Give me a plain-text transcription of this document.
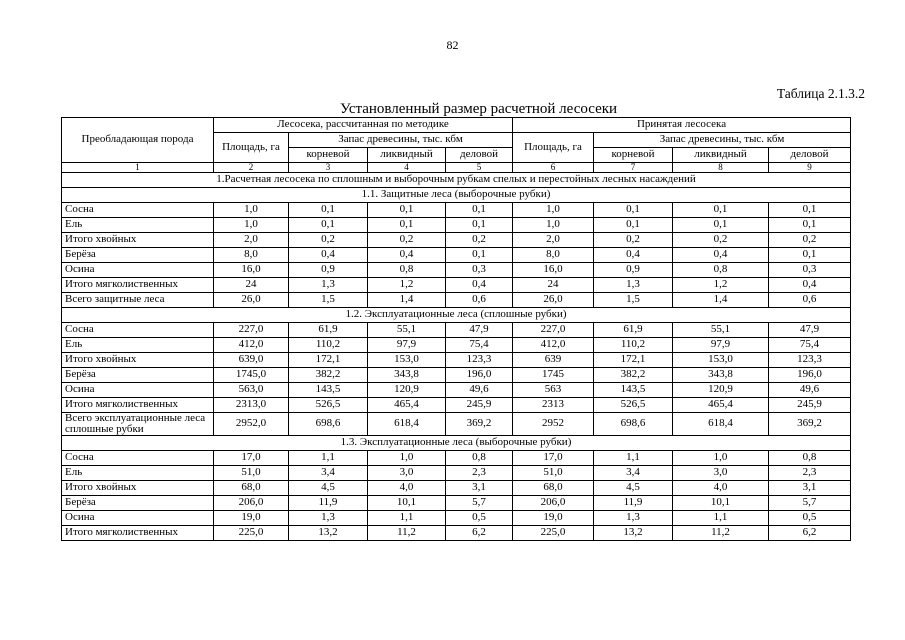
82
Таблица 2.1.3.2
Установленный размер расчетной лесосеки
Преобладающая порода	Лесосека, рассчитанная по методике				Принятая лесосека			
	Площадь, га	Запас древесины, тыс. кбм			Площадь, га	Запас древесины, тыс. кбм		
		корневой	ликвидный	деловой		корневой	ликвидный	деловой
1	2	3	4	5	6	7	8	9
1.Расчетная лесосека по сплошным и выборочным рубкам спелых и перестойных лесных насаждений								
1.1. Защитные леса (выборочные рубки)								
Сосна	1,0	0,1	0,1	0,1	1,0	0,1	0,1	0,1
Ель	1,0	0,1	0,1	0,1	1,0	0,1	0,1	0,1
Итого хвойных	2,0	0,2	0,2	0,2	2,0	0,2	0,2	0,2
Берёза	8,0	0,4	0,4	0,1	8,0	0,4	0,4	0,1
Осина	16,0	0,9	0,8	0,3	16,0	0,9	0,8	0,3
Итого мягколиственных	24	1,3	1,2	0,4	24	1,3	1,2	0,4
Всего защитные леса	26,0	1,5	1,4	0,6	26,0	1,5	1,4	0,6
1.2. Эксплуатационные леса (сплошные рубки)								
Сосна	227,0	61,9	55,1	47,9	227,0	61,9	55,1	47,9
Ель	412,0	110,2	97,9	75,4	412,0	110,2	97,9	75,4
Итого хвойных	639,0	172,1	153,0	123,3	639	172,1	153,0	123,3
Берёза	1745,0	382,2	343,8	196,0	1745	382,2	343,8	196,0
Осина	563,0	143,5	120,9	49,6	563	143,5	120,9	49,6
Итого мягколиственных	2313,0	526,5	465,4	245,9	2313	526,5	465,4	245,9
Всего эксплуатационные леса сплошные рубки	2952,0	698,6	618,4	369,2	2952	698,6	618,4	369,2
1.3. Эксплуатационные леса (выборочные рубки)								
Сосна	17,0	1,1	1,0	0,8	17,0	1,1	1,0	0,8
Ель	51,0	3,4	3,0	2,3	51,0	3,4	3,0	2,3
Итого хвойных	68,0	4,5	4,0	3,1	68,0	4,5	4,0	3,1
Берёза	206,0	11,9	10,1	5,7	206,0	11,9	10,1	5,7
Осина	19,0	1,3	1,1	0,5	19,0	1,3	1,1	0,5
Итого мягколиственных	225,0	13,2	11,2	6,2	225,0	13,2	11,2	6,2
